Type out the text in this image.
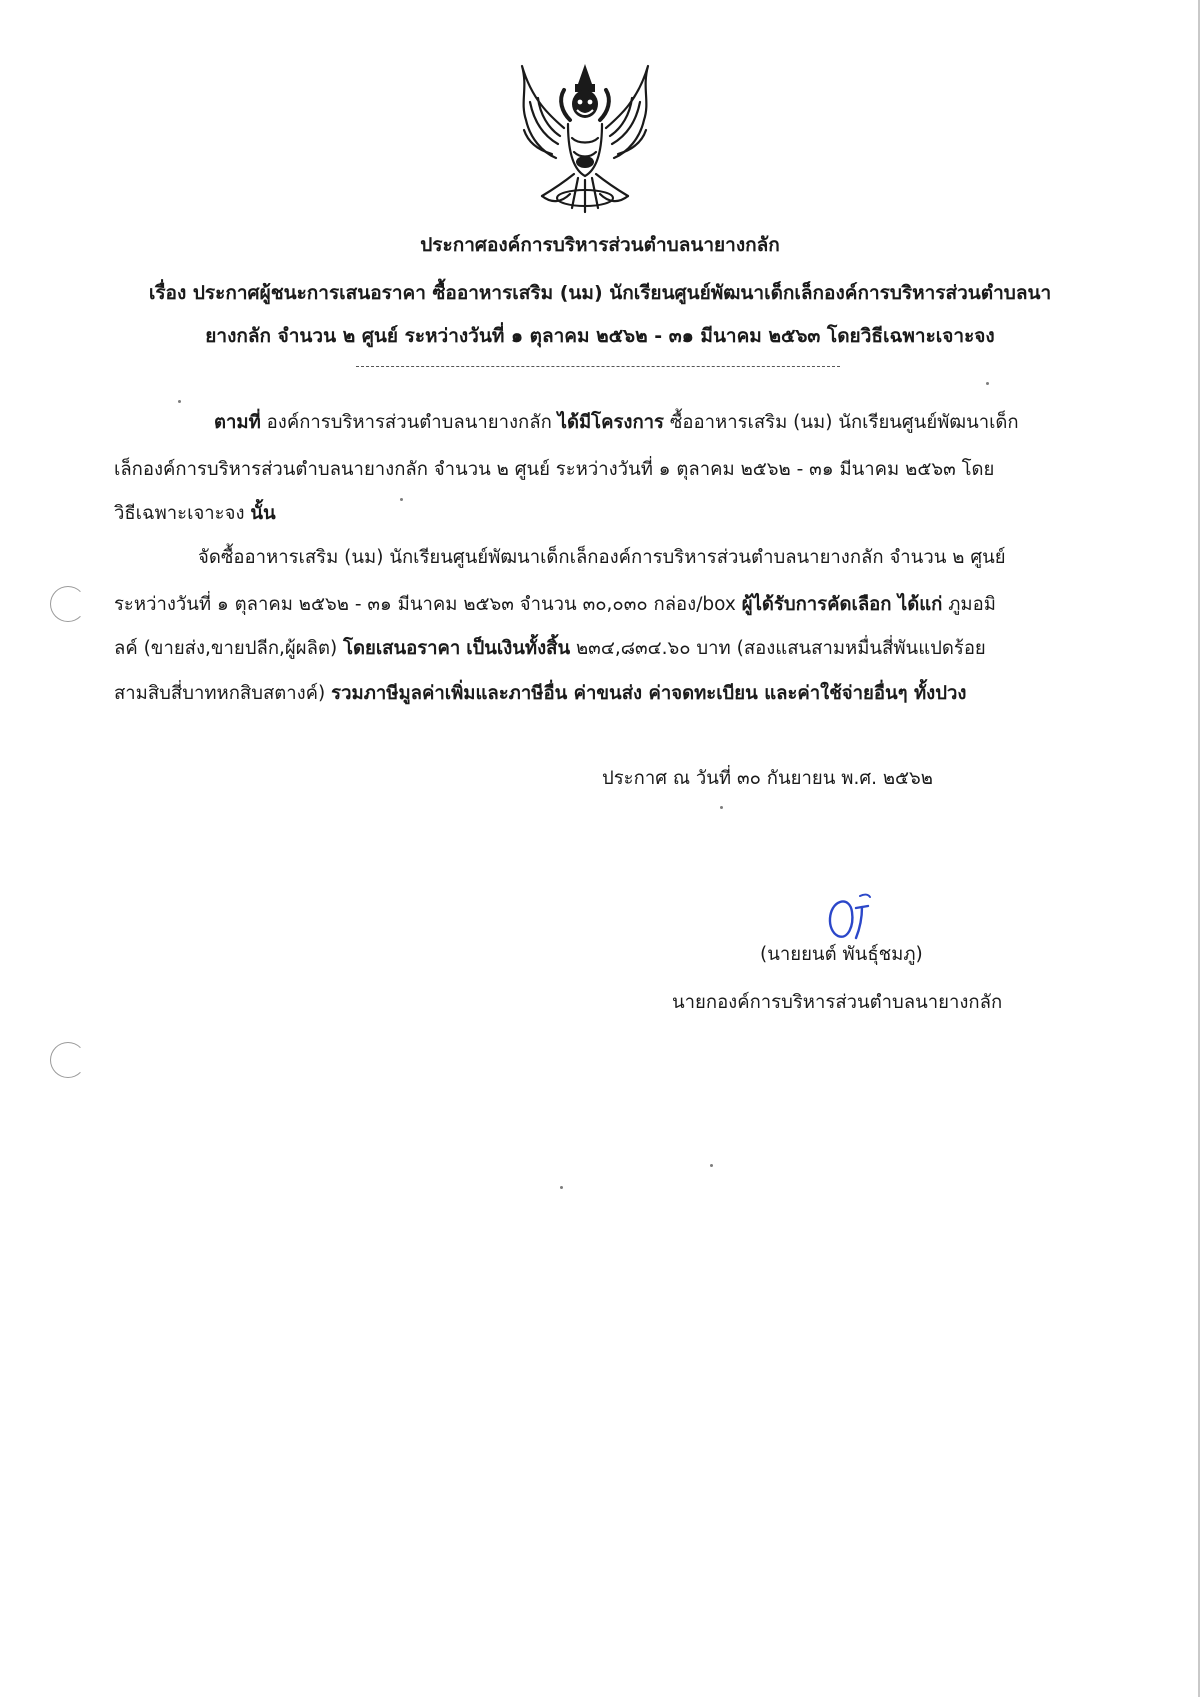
ประกาศองค์การบริหารส่วนตำบลนายางกลัก
เรื่อง ประกาศผู้ชนะการเสนอราคา ซื้ออาหารเสริม (นม) นักเรียนศูนย์พัฒนาเด็กเล็กองค์การบริหารส่วนตำบลนา
ยางกลัก จำนวน ๒ ศูนย์ ระหว่างวันที่ ๑ ตุลาคม ๒๕๖๒ - ๓๑ มีนาคม ๒๕๖๓ โดยวิธีเฉพาะเจาะจง
ตามที่ องค์การบริหารส่วนตำบลนายางกลัก ได้มีโครงการ ซื้ออาหารเสริม (นม) นักเรียนศูนย์พัฒนาเด็ก
เล็กองค์การบริหารส่วนตำบลนายางกลัก จำนวน ๒ ศูนย์ ระหว่างวันที่ ๑ ตุลาคม ๒๕๖๒ - ๓๑ มีนาคม ๒๕๖๓ โดย
วิธีเฉพาะเจาะจง นั้น
จัดซื้ออาหารเสริม (นม) นักเรียนศูนย์พัฒนาเด็กเล็กองค์การบริหารส่วนตำบลนายางกลัก จำนวน ๒ ศูนย์
ระหว่างวันที่ ๑ ตุลาคม ๒๕๖๒ - ๓๑ มีนาคม ๒๕๖๓ จำนวน ๓๐,๐๓๐ กล่อง/box ผู้ได้รับการคัดเลือก ได้แก่ ภูมอมิ
ลค์ (ขายส่ง,ขายปลีก,ผู้ผลิต) โดยเสนอราคา เป็นเงินทั้งสิ้น ๒๓๔,๘๓๔.๖๐ บาท (สองแสนสามหมื่นสี่พันแปดร้อย
สามสิบสี่บาทหกสิบสตางค์) รวมภาษีมูลค่าเพิ่มและภาษีอื่น ค่าขนส่ง ค่าจดทะเบียน และค่าใช้จ่ายอื่นๆ ทั้งปวง
ประกาศ ณ วันที่ ๓๐ กันยายน พ.ศ. ๒๕๖๒
(นายยนต์ พันธุ์ชมภู)
นายกองค์การบริหารส่วนตำบลนายางกลัก
